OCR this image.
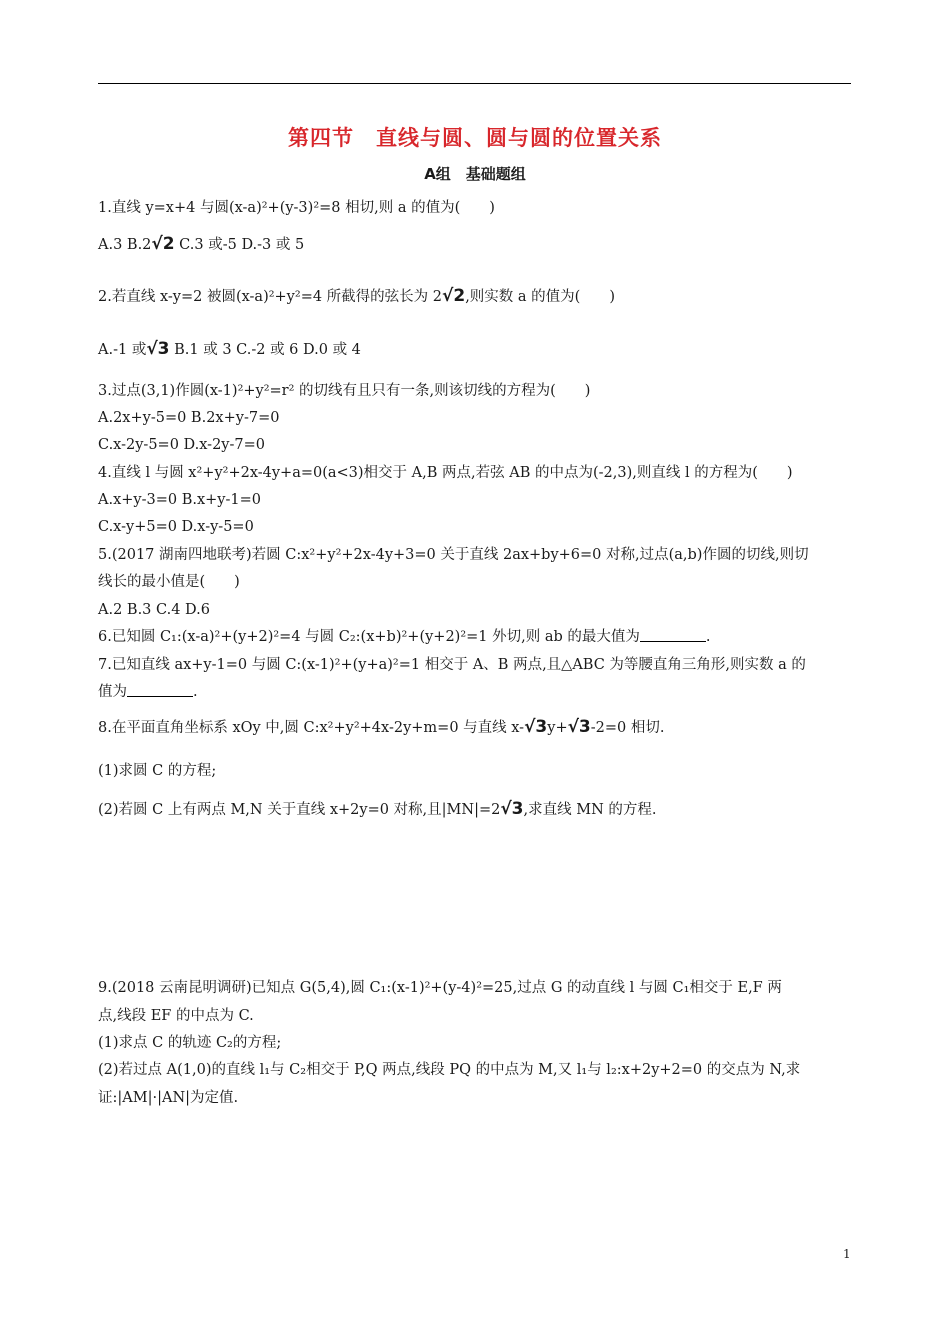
第四节　直线与圆、圆与圆的位置关系
A组　基础题组
1.直线 y=x+4 与圆(x-a)²+(y-3)²=8 相切,则 a 的值为(　　)
A.3 B.2√2 C.3 或-5 D.-3 或 5
2.若直线 x-y=2 被圆(x-a)²+y²=4 所截得的弦长为 2√2,则实数 a 的值为(　　)
A.-1 或√3 B.1 或 3 C.-2 或 6 D.0 或 4
3.过点(3,1)作圆(x-1)²+y²=r² 的切线有且只有一条,则该切线的方程为(　　)
A.2x+y-5=0 B.2x+y-7=0
C.x-2y-5=0 D.x-2y-7=0
4.直线 l 与圆 x²+y²+2x-4y+a=0(a<3)相交于 A,B 两点,若弦 AB 的中点为(-2,3),则直线 l 的方程为(　　)
A.x+y-3=0 B.x+y-1=0
C.x-y+5=0 D.x-y-5=0
5.(2017 湖南四地联考)若圆 C:x²+y²+2x-4y+3=0 关于直线 2ax+by+6=0 对称,过点(a,b)作圆的切线,则切
线长的最小值是(　　)
A.2 B.3 C.4 D.6
6.已知圆 C₁:(x-a)²+(y+2)²=4 与圆 C₂:(x+b)²+(y+2)²=1 外切,则 ab 的最大值为	.
7.已知直线 ax+y-1=0 与圆 C:(x-1)²+(y+a)²=1 相交于 A、B 两点,且△ABC 为等腰直角三角形,则实数 a 的
值为	.
8.在平面直角坐标系 xOy 中,圆 C:x²+y²+4x-2y+m=0 与直线 x-√3y+√3-2=0 相切.
(1)求圆 C 的方程;
(2)若圆 C 上有两点 M,N 关于直线 x+2y=0 对称,且|MN|=2√3,求直线 MN 的方程.
9.(2018 云南昆明调研)已知点 G(5,4),圆 C₁:(x-1)²+(y-4)²=25,过点 G 的动直线 l 与圆 C₁相交于 E,F 两
点,线段 EF 的中点为 C.
(1)求点 C 的轨迹 C₂的方程;
(2)若过点 A(1,0)的直线 l₁与 C₂相交于 P,Q 两点,线段 PQ 的中点为 M,又 l₁与 l₂:x+2y+2=0 的交点为 N,求
证:|AM|·|AN|为定值.
1
